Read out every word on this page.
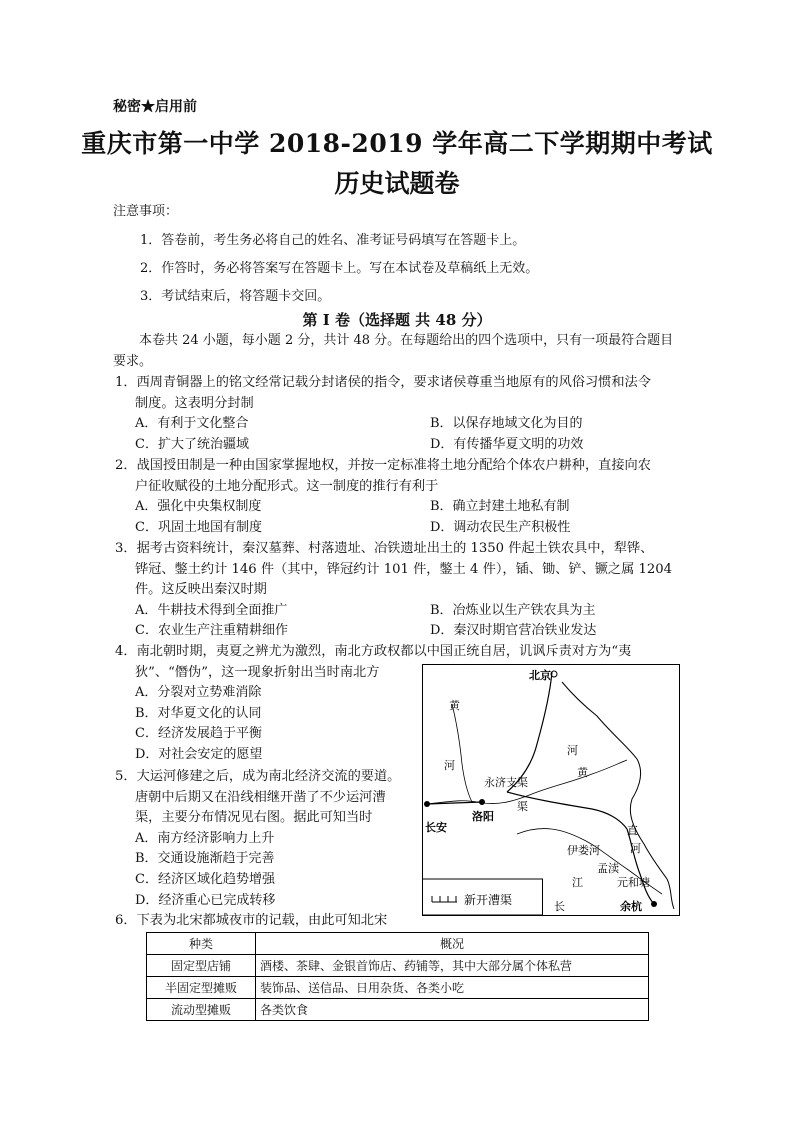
秘密★启用前
重庆市第一中学 2018-2019 学年高二下学期期中考试
历史试题卷
注意事项：
1．答卷前，考生务必将自己的姓名、准考证号码填写在答题卡上。
2．作答时，务必将答案写在答题卡上。写在本试卷及草稿纸上无效。
3．考试结束后，将答题卡交回。
第 I 卷（选择题 共 48 分）
本卷共 24 小题，每小题 2 分，共计 48 分。在每题给出的四个选项中，只有一项最符合题目要求。
1．西周青铜器上的铭文经常记载分封诸侯的指令，要求诸侯尊重当地原有的风俗习惯和法令
制度。这表明分封制
A．有利于文化整合	B．以保存地域文化为目的
C．扩大了统治疆域	D．有传播华夏文明的功效
2．战国授田制是一种由国家掌握地权，并按一定标准将土地分配给个体农户耕种，直接向农
户征收赋役的土地分配形式。这一制度的推行有利于
A．强化中央集权制度	B．确立封建土地私有制
C．巩固土地国有制度	D．调动农民生产积极性
3．据考古资料统计，秦汉墓葬、村落遗址、冶铁遗址出土的 1350 件起土铁农具中，犁铧、
铧冠、鐅土约计 146 件（其中，铧冠约计 101 件，鐅土 4 件），锸、锄、铲、镢之属 1204
件。这反映出秦汉时期
A．牛耕技术得到全面推广	B．冶炼业以生产铁农具为主
C．农业生产注重精耕细作	D．秦汉时期官营冶铁业发达
4．南北朝时期，夷夏之辨尤为激烈，南北方政权都以中国正统自居，讥讽斥责对方为“夷
狄”、“僭伪”，这一现象折射出当时南北方
A．分裂对立势难消除
B．对华夏文化的认同
C．经济发展趋于平衡
D．对社会安定的愿望
5．大运河修建之后，成为南北经济交流的要道。
唐朝中后期又在沿线相继开凿了不少运河漕
渠，主要分布情况见右图。据此可知当时
A．南方经济影响力上升
B．交通设施渐趋于完善
C．经济区域化趋势增强
D．经济重心已完成转移
6．下表为北宋都城夜市的记载，由此可知北宋
北京
黄
河
永济支渠
黄
河
洛阳
渠
长安
伊娄河
直
河
孟渎
元和塘
江
长	余杭
新开漕渠
种类	概况
固定型店铺	酒楼、茶肆、金银首饰店、药铺等，其中大部分属个体私营
半固定型摊贩	装饰品、送信品、日用杂货、各类小吃
流动型摊贩	各类饮食
